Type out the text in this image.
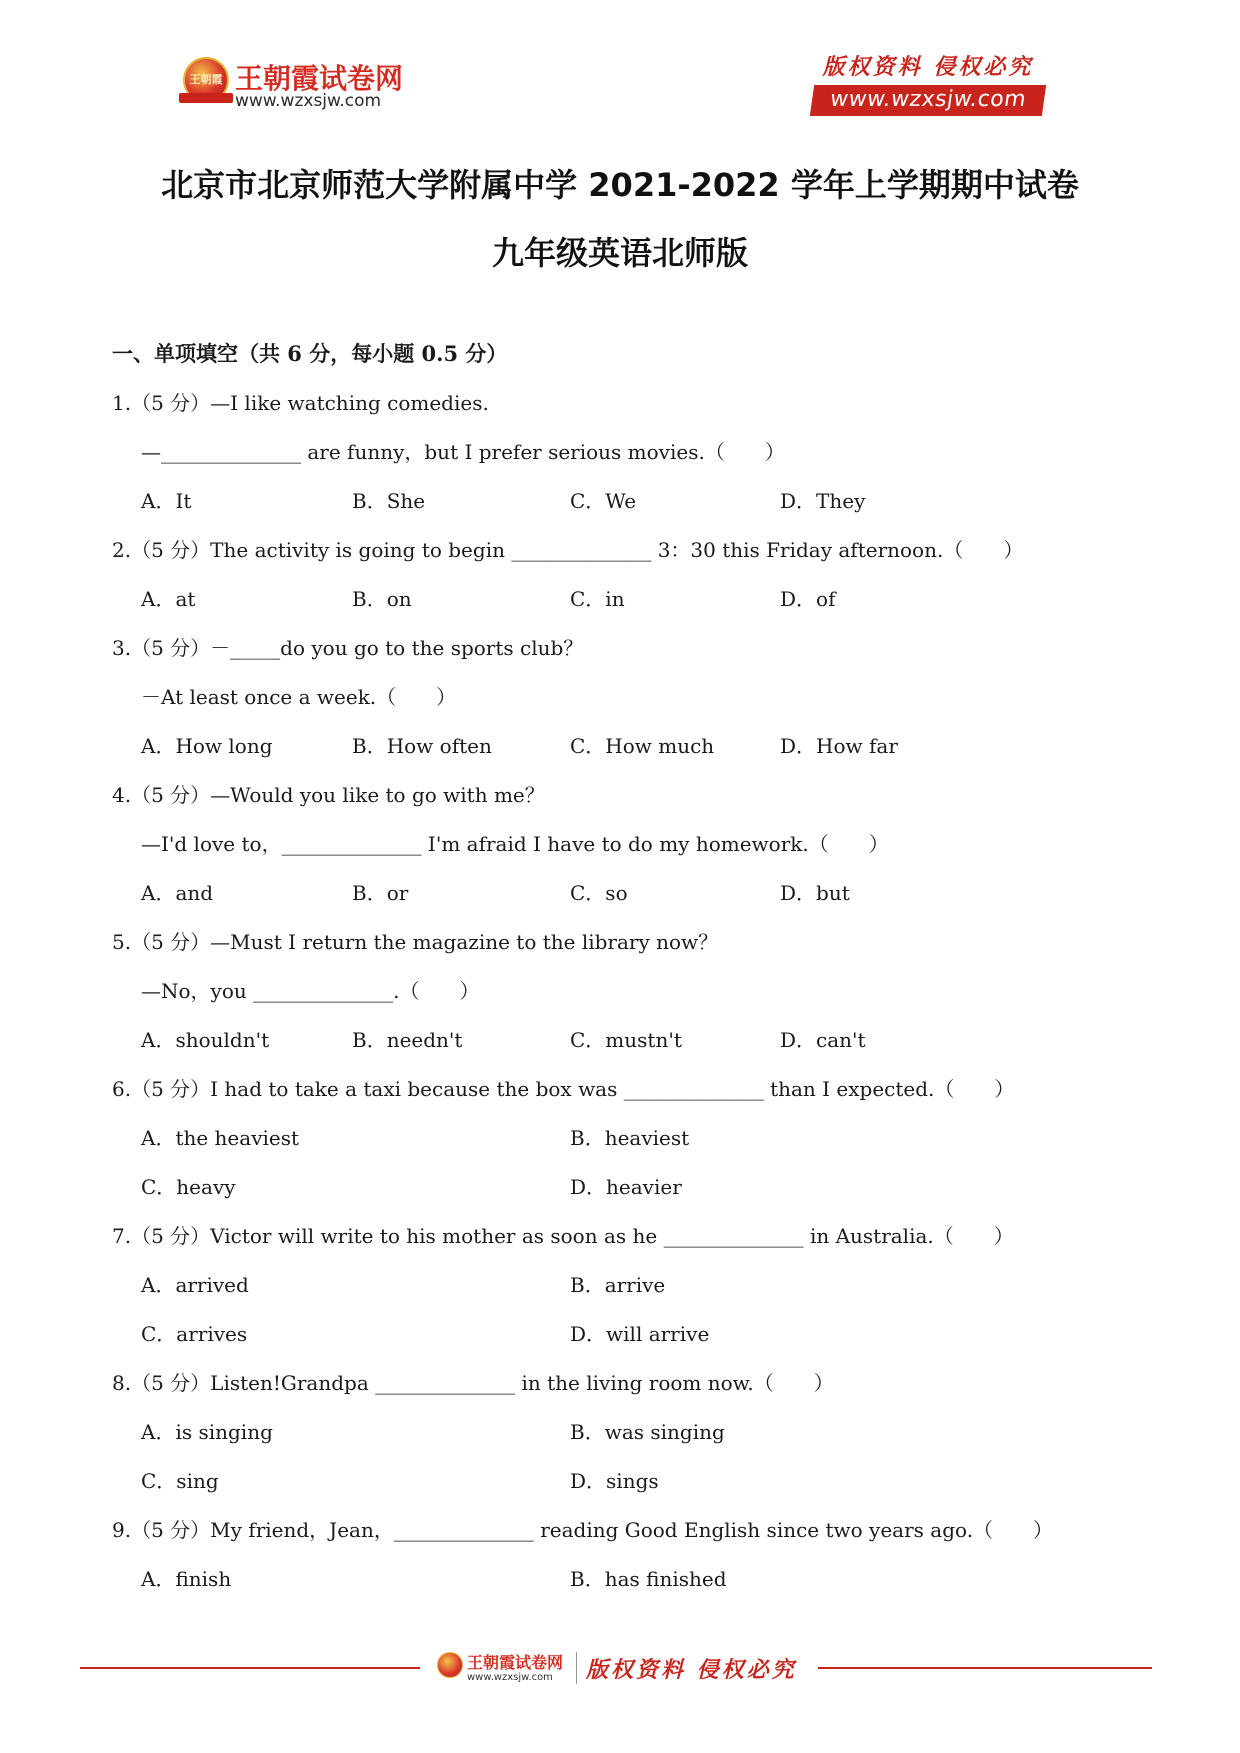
王朝霞 王朝霞试卷网
www.wzxsjw.com
版权资料 侵权必究
www.wzxsjw.com
北京市北京师范大学附属中学 2021-2022 学年上学期期中试卷
九年级英语北师版
一、单项填空（共 6 分，每小题 0.5 分）
1.（5 分）—I like watching comedies.
—______________ are funny，but I prefer serious movies.（　　）
A．It	B．She	C．We	D．They
2.（5 分）The activity is going to begin ______________ 3：30 this Friday afternoon.（　　）
A．at	B．on	C．in	D．of
3.（5 分）－_____do you go to the sports club？
－At least once a week.（　　）
A．How long	B．How often	C．How much	D．How far
4.（5 分）—Would you like to go with me？
—I'd love to，______________ I'm afraid I have to do my homework.（　　）
A．and	B．or	C．so	D．but
5.（5 分）—Must I return the magazine to the library now？
—No，you ______________.（　　）
A．shouldn't	B．needn't	C．mustn't	D．can't
6.（5 分）I had to take a taxi because the box was ______________ than I expected.（　　）
A．the heaviest	B．heaviest
C．heavy	D．heavier
7.（5 分）Victor will write to his mother as soon as he ______________ in Australia.（　　）
A．arrived	B．arrive
C．arrives	D．will arrive
8.（5 分）Listen!Grandpa ______________ in the living room now.（　　）
A．is singing	B．was singing
C．sing	D．sings
9.（5 分）My friend，Jean，______________ reading Good English since two years ago.（　　）
A．finish	B．has finished
王朝霞试卷网
www.wzxsjw.com 版权资料 侵权必究
